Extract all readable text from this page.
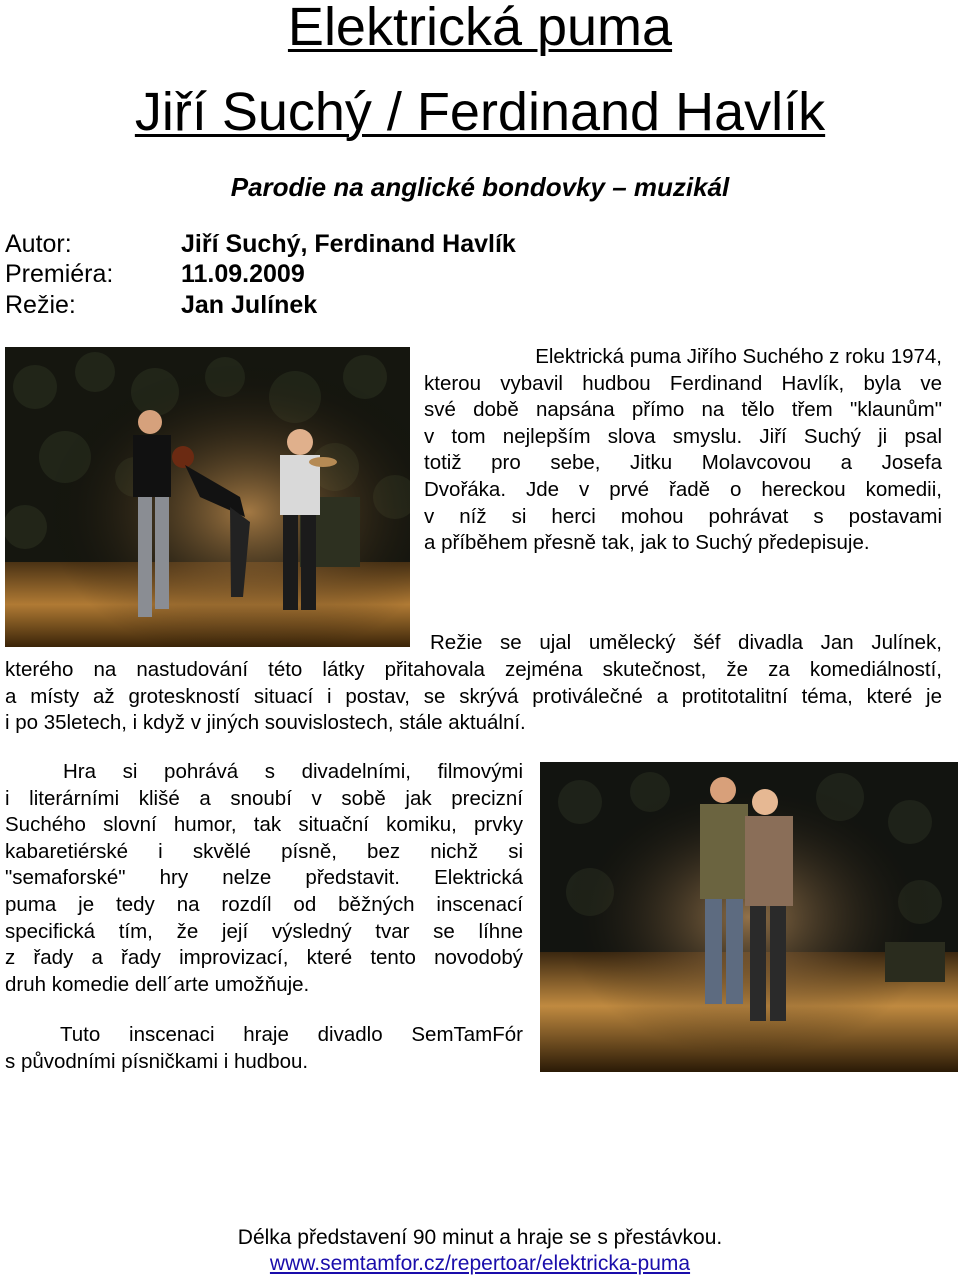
Elektrická puma
Jiří Suchý / Ferdinand Havlík
Parodie na anglické bondovky – muzikál
Autor:	Jiří Suchý, Ferdinand Havlík
Premiéra:	11.09.2009
Režie:	Jan Julínek
Elektrická puma Jiřího Suchého z roku 1974,
kterou vybavil hudbou Ferdinand Havlík, byla ve
své době napsána přímo na tělo třem "klaunům"
v tom nejlepším slova smyslu. Jiří Suchý ji psal
totiž pro sebe, Jitku Molavcovou a Josefa
Dvořáka. Jde v prvé řadě o hereckou komedii,
v níž si herci mohou pohrávat s postavami
a příběhem přesně tak, jak to Suchý předepisuje.
Režie se ujal umělecký šéf divadla Jan Julínek,
kterého na nastudování této látky přitahovala zejména skutečnost, že za komediálností,
a místy až groteskností situací i postav, se skrývá protiválečné a protitotalitní téma, které je
i po 35letech, i když v jiných souvislostech, stále aktuální.
Hra si pohrává s divadelními, filmovými
i literárními klišé a snoubí v sobě jak precizní
Suchého slovní humor, tak situační komiku, prvky
kabaretiérské i skvělé písně, bez nichž si
"semaforské" hry nelze představit. Elektrická
puma je tedy na rozdíl od běžných inscenací
specifická tím, že její výsledný tvar se líhne
z řady a řady improvizací, které tento novodobý
druh komedie dell´arte umožňuje.
Tuto inscenaci hraje divadlo SemTamFór
s původními písničkami i hudbou.
Délka představení 90 minut a hraje se s přestávkou.
www.semtamfor.cz/repertoar/elektricka-puma
